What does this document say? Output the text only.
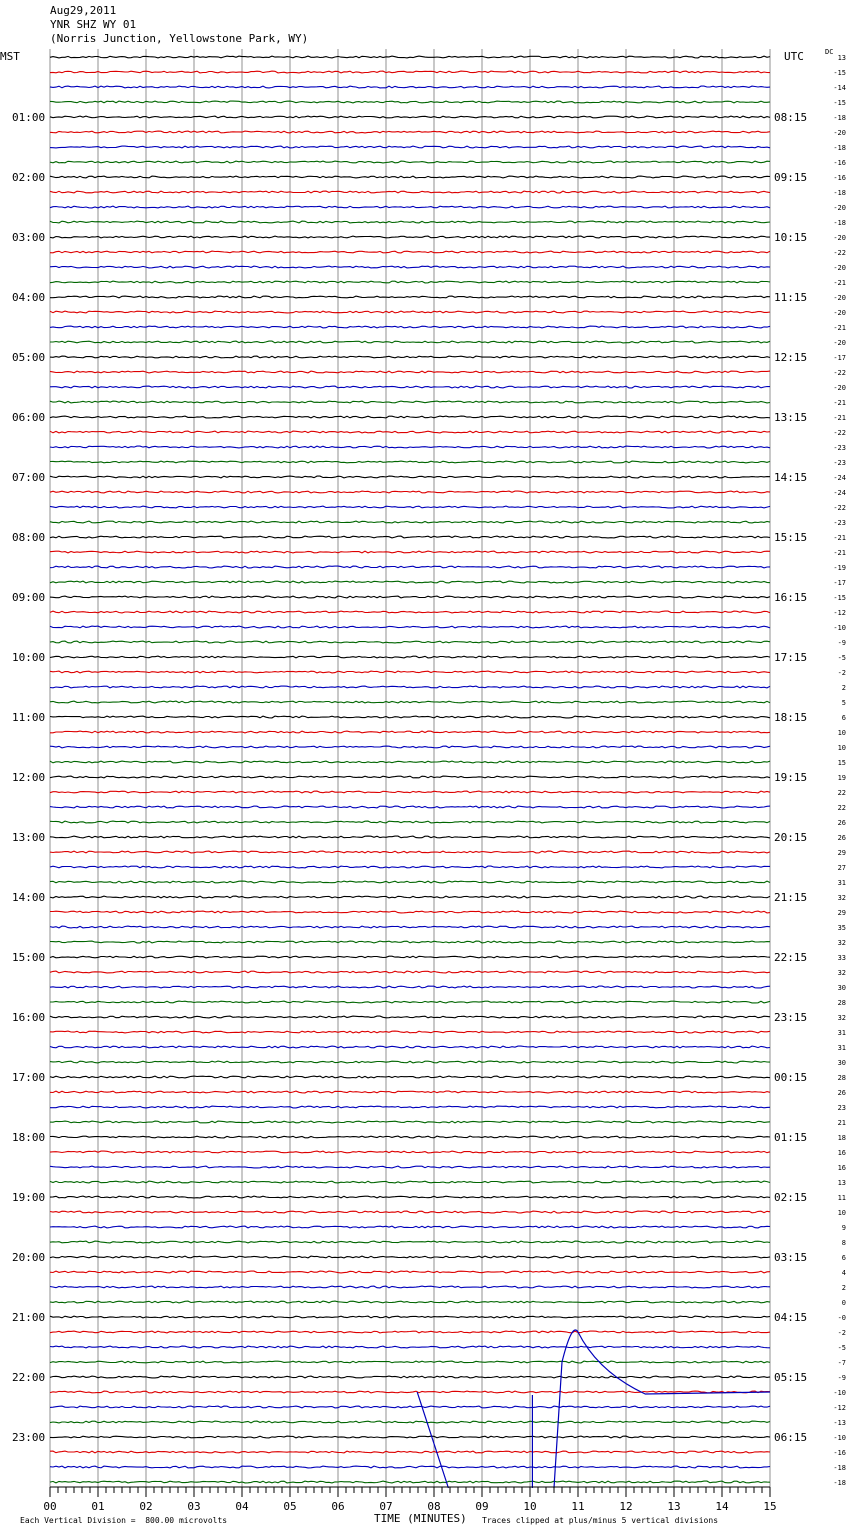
Aug29,2011
YNR SHZ WY 01
(Norris Junction, Yellowstone Park, WY)
MST	UTC	DC
01:00	08:15
02:00	09:15
03:00	10:15
04:00	11:15
05:00	12:15
06:00	13:15
07:00	14:15
08:00	15:15
09:00	16:15
10:00	17:15
11:00	18:15
12:00	19:15
13:00	20:15
14:00	21:15
15:00	22:15
16:00	23:15
17:00	00:15
18:00	01:15
19:00	02:15
20:00	03:15
21:00	04:15
22:00	05:15
23:00	06:15
13
-15
-14
-15
-18
-20
-18
-16
-16
-18
-20
-18
-20
-22
-20
-21
-20
-20
-21
-20
-17
-22
-20
-21
-21
-22
-23
-23
-24
-24
-22
-23
-21
-21
-19
-17
-15
-12
-10
-9
-5
-2
2
5
6
10
10
15
19
22
22
26
26
29
27
31
32
29
35
32
33
32
30
28
32
31
31
30
28
26
23
21
18
16
16
13
11
10
9
8
6
4
2
0
-0
-2
-5
-7
-9
-10
-12
-13
-10
-16
-18
-18
00	01	02	03	04	05	06	07	08	09	10	11	12	13	14	15
Each Vertical Division =  800.00 microvolts	TIME (MINUTES) Traces clipped at plus/minus 5 vertical divisions
